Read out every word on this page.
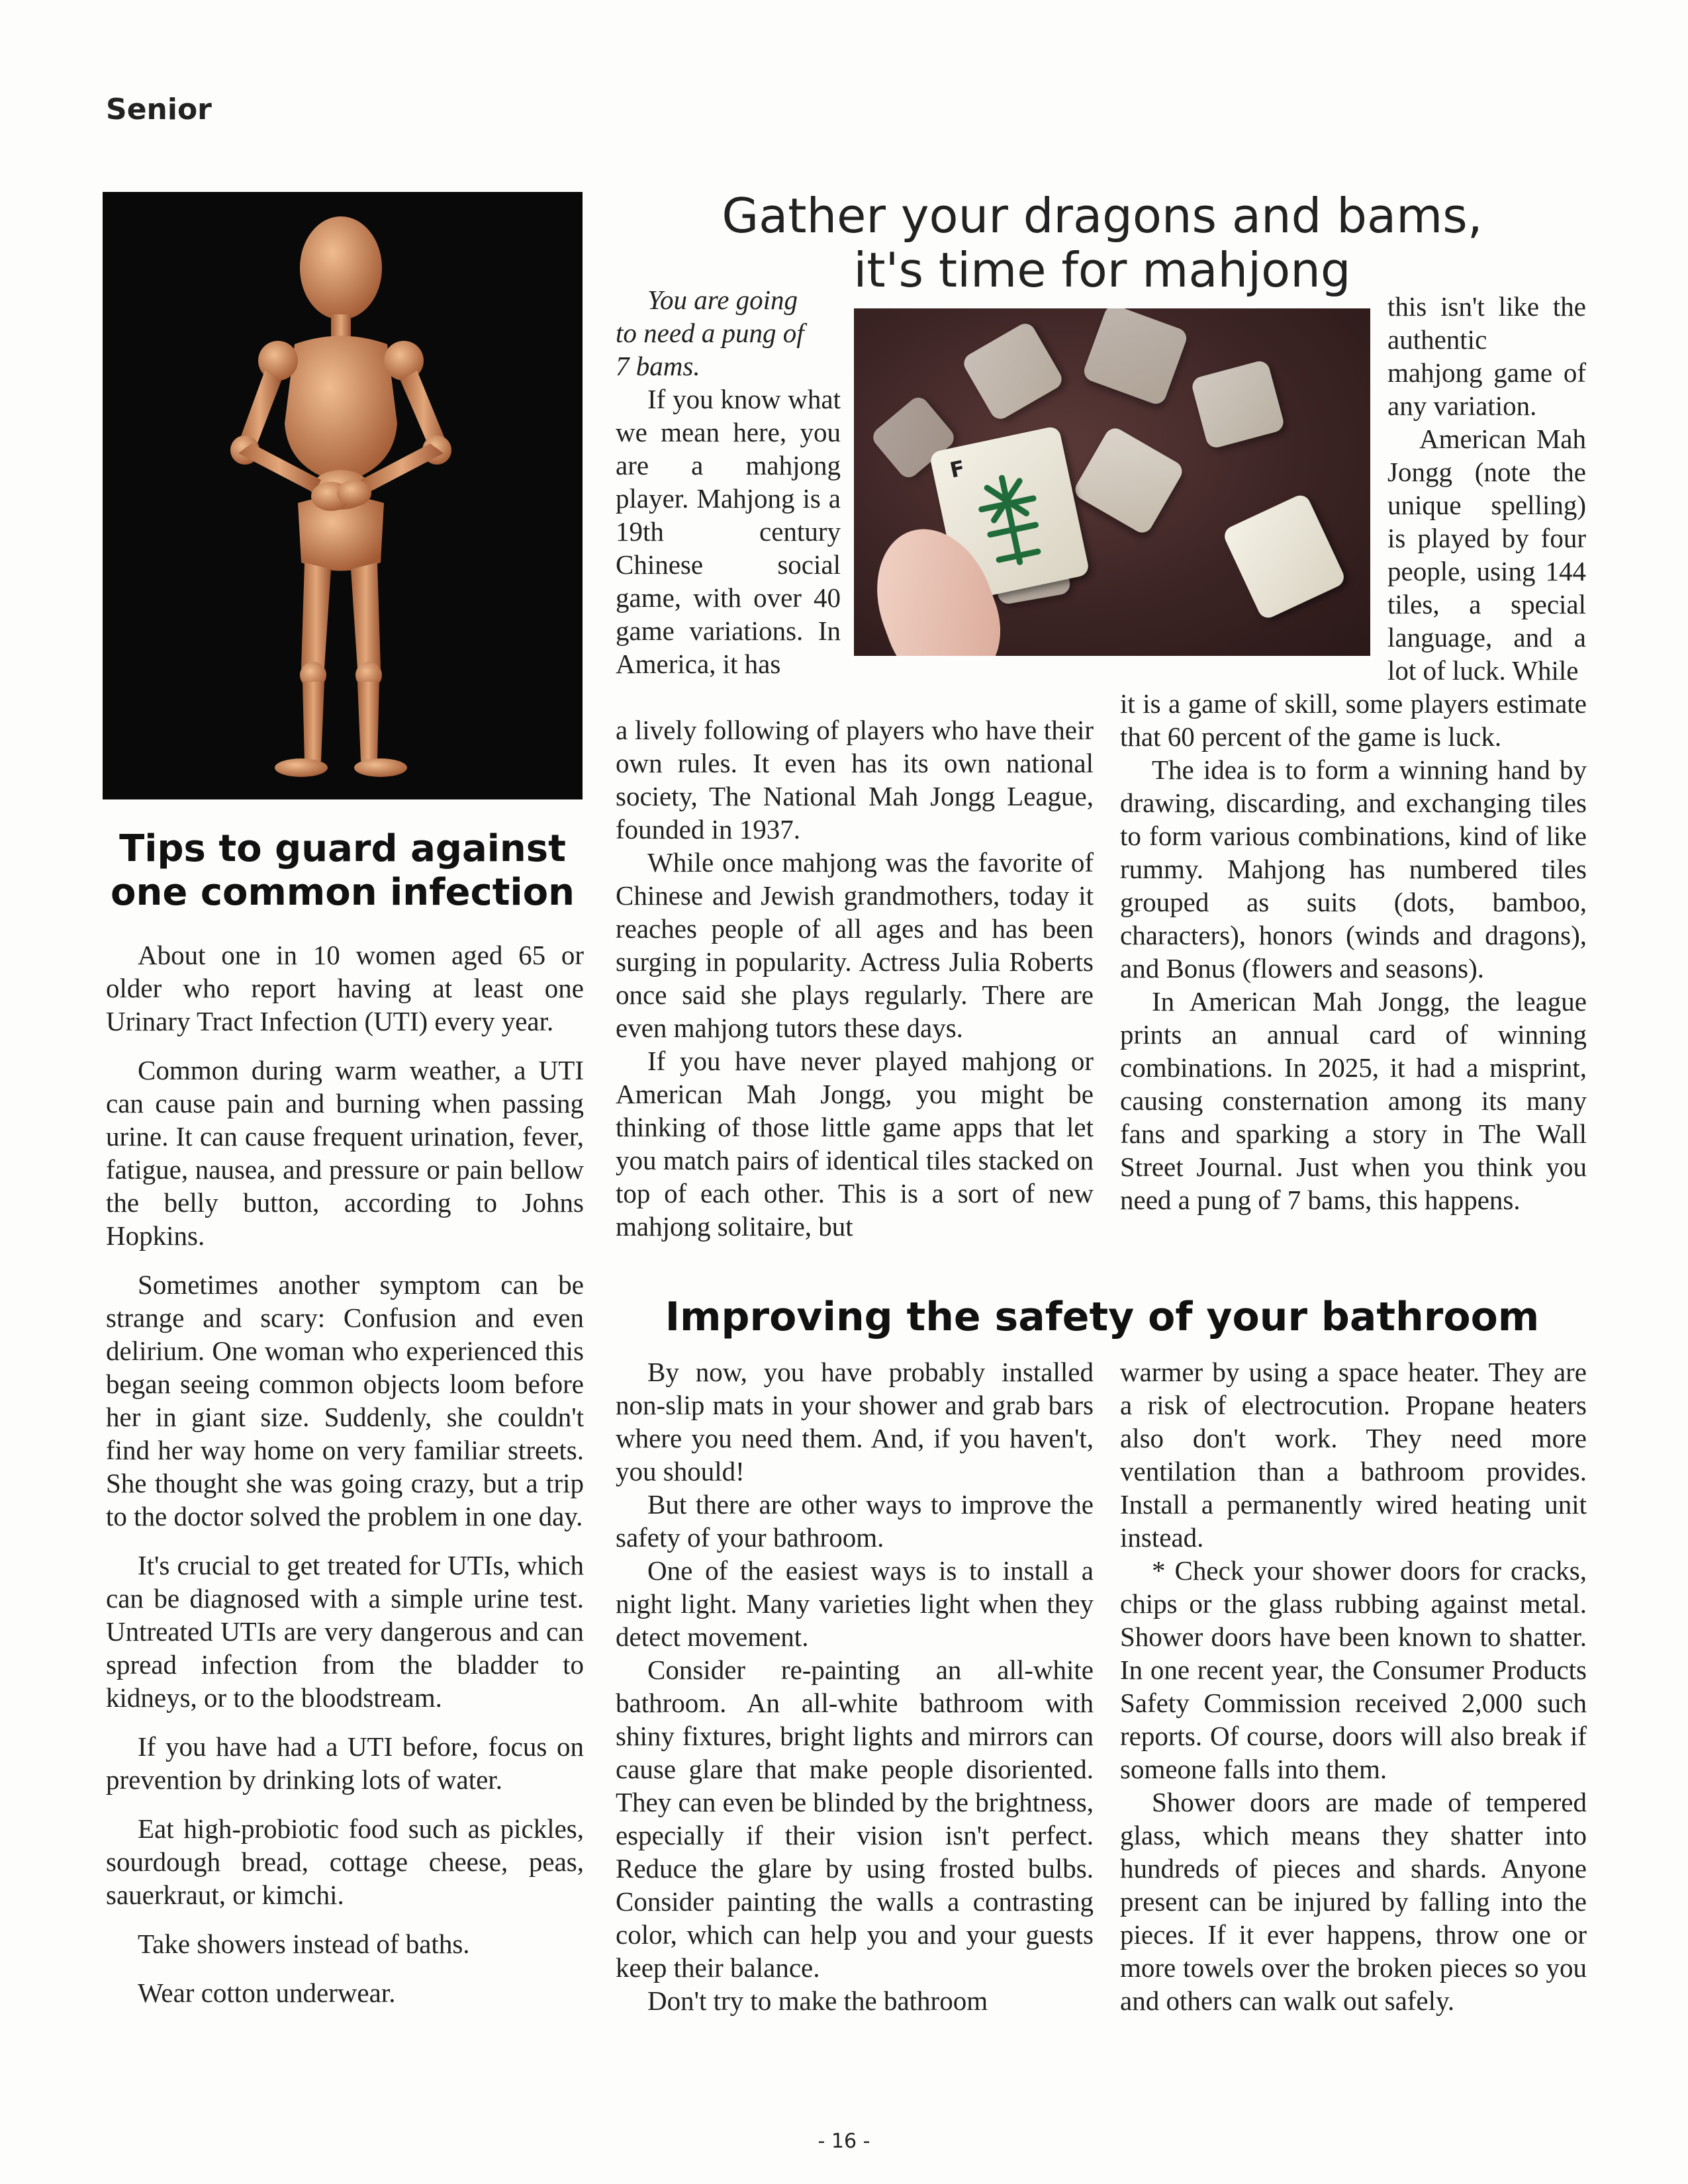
Senior
Tips to guard against
one common infection

About one in 10 women aged 65 or older who report having at least one Urinary Tract Infection (UTI) every year.

Common during warm weather, a UTI can cause pain and burning when passing urine. It can cause frequent urination, fever, fatigue, nausea, and pressure or pain bellow the belly button, according to Johns Hopkins.

Sometimes another symptom can be strange and scary: Confusion and even delirium. One woman who experienced this began seeing common objects loom before her in giant size. Suddenly, she couldn't find her way home on very familiar streets. She thought she was going crazy, but a trip to the doctor solved the problem in one day.

It's crucial to get treated for UTIs, which can be diagnosed with a simple urine test. Untreated UTIs are very dangerous and can spread infection from the bladder to kidneys, or to the bloodstream.

If you have had a UTI before, focus on prevention by drinking lots of water.

Eat high-probiotic food such as pickles, sourdough bread, cottage cheese, peas, sauerkraut, or kimchi.

Take showers instead of baths.

Wear cotton underwear.

Gather your dragons and bams,
it's time for mahjong
F
You are going
to need a pung of
7 bams.

If you know what we mean here, you are a mahjong player. Mahjong is a 19th century Chinese social game, with over 40 game variations. In America, it has

a lively following of players who have their own rules. It even has its own national society, The National Mah Jongg League, founded in 1937.

While once mahjong was the favorite of Chinese and Jewish grandmothers, today it reaches people of all ages and has been surging in popularity. Actress Julia Roberts once said she plays regularly. There are even mahjong tutors these days.

If you have never played mahjong or American Mah Jongg, you might be thinking of those little game apps that let you match pairs of identical tiles stacked on top of each other. This is a sort of new mahjong solitaire, but

this isn't like the authentic mahjong game of any variation.

American Mah Jongg (note the unique spelling) is played by four people, using 144 tiles, a special language, and a lot of luck. While

it is a game of skill, some players estimate that 60 percent of the game is luck.

The idea is to form a winning hand by drawing, discarding, and exchanging tiles to form various combinations, kind of like rummy. Mahjong has numbered tiles grouped as suits (dots, bamboo, characters), honors (winds and dragons), and Bonus (flowers and seasons).

In American Mah Jongg, the league prints an annual card of winning combinations. In 2025, it had a misprint, causing consternation among its many fans and sparking a story in The Wall Street Journal. Just when you think you need a pung of 7 bams, this happens.

Improving the safety of your bathroom

By now, you have probably installed non-slip mats in your shower and grab bars where you need them. And, if you haven't, you should!

But there are other ways to improve the safety of your bathroom.

One of the easiest ways is to install a night light. Many varieties light when they detect movement.

Consider re-painting an all-white bathroom. An all-white bathroom with shiny fixtures, bright lights and mirrors can cause glare that make people disoriented. They can even be blinded by the brightness, especially if their vision isn't perfect. Reduce the glare by using frosted bulbs. Consider painting the walls a contrasting color, which can help you and your guests keep their balance.

Don't try to make the bathroom

warmer by using a space heater. They are a risk of electrocution. Propane heaters also don't work. They need more ventilation than a bathroom provides. Install a permanently wired heating unit instead.

* Check your shower doors for cracks, chips or the glass rubbing against metal. Shower doors have been known to shatter. In one recent year, the Consumer Products Safety Commission received 2,000 such reports. Of course, doors will also break if someone falls into them.

Shower doors are made of tempered glass, which means they shatter into hundreds of pieces and shards. Anyone present can be injured by falling into the pieces. If it ever happens, throw one or more towels over the broken pieces so you and others can walk out safely.

- 16 -
